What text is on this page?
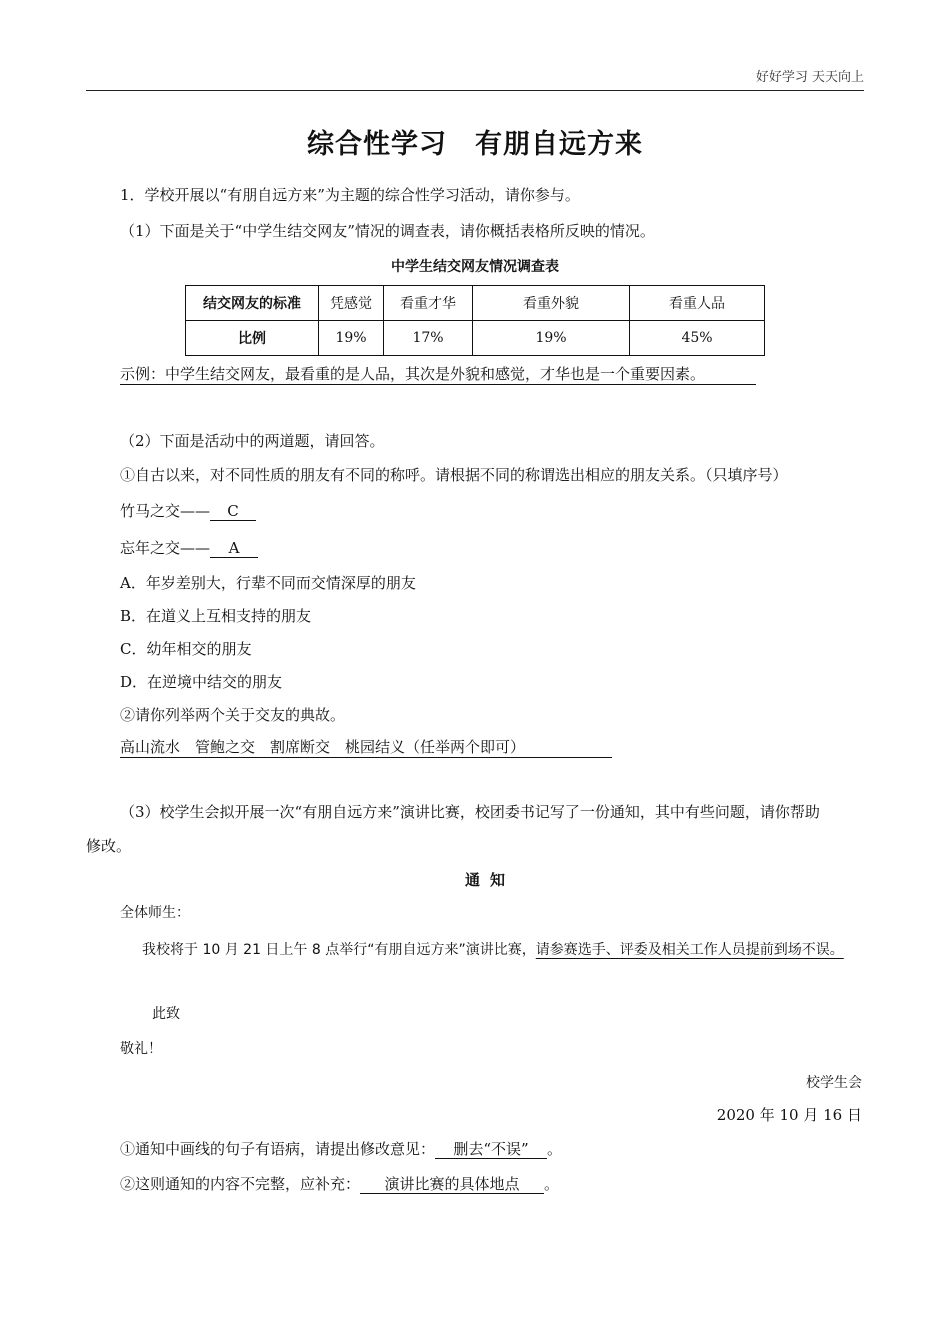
好好学习 天天向上
综合性学习　有朋自远方来
1．学校开展以“有朋自远方来”为主题的综合性学习活动，请你参与。
（1）下面是关于“中学生结交网友”情况的调查表，请你概括表格所反映的情况。
中学生结交网友情况调查表
结交网友的标准	凭感觉	看重才华	看重外貌	看重人品
比例	19%	17%	19%	45%
示例：中学生结交网友，最看重的是人品，其次是外貌和感觉，才华也是一个重要因素。
（2）下面是活动中的两道题，请回答。
①自古以来，对不同性质的朋友有不同的称呼。请根据不同的称谓选出相应的朋友关系。（只填序号）
竹马之交—— C
忘年之交—— A
A．年岁差别大，行辈不同而交情深厚的朋友
B．在道义上互相支持的朋友
C．幼年相交的朋友
D．在逆境中结交的朋友
②请你列举两个关于交友的典故。
高山流水　管鲍之交　割席断交　桃园结义（任举两个即可）
（3）校学生会拟开展一次“有朋自远方来”演讲比赛，校团委书记写了一份通知，其中有些问题，请你帮助
修改。
通知
全体师生：
我校将于 10 月 21 日上午 8 点举行“有朋自远方来”演讲比赛，请参赛选手、评委及相关工作人员提前到场不误。
此致
敬礼！
校学生会
2020 年 10 月 16 日
①通知中画线的句子有语病，请提出修改意见： 删去“不误” 。
②这则通知的内容不完整，应补充： 演讲比赛的具体地点 。
